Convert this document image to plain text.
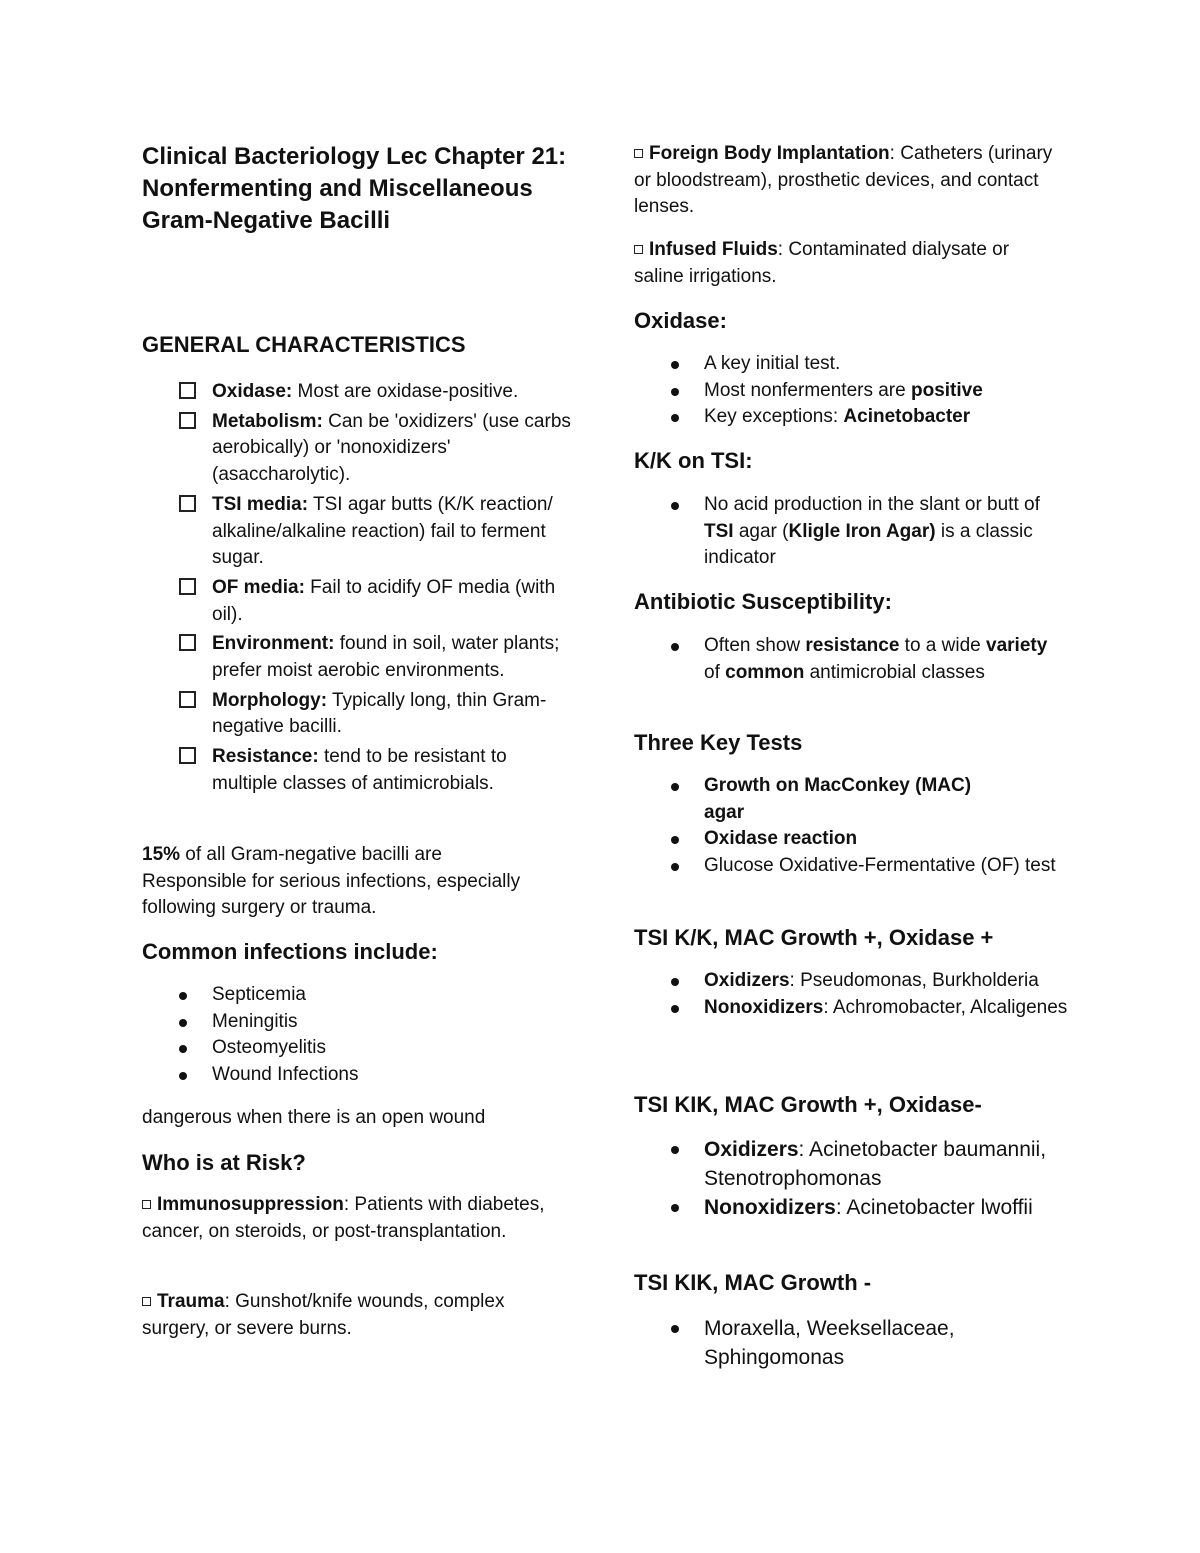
Clinical Bacteriology Lec Chapter 21: Nonfermenting and Miscellaneous Gram-Negative Bacilli
GENERAL CHARACTERISTICS
Oxidase: Most are oxidase-positive.
Metabolism: Can be 'oxidizers' (use carbs aerobically) or 'nonoxidizers' (asaccharolytic).
TSI media: TSI agar butts (K/K reaction/ alkaline/alkaline reaction) fail to ferment sugar.
OF media: Fail to acidify OF media (with oil).
Environment: found in soil, water plants; prefer moist aerobic environments.
Morphology: Typically long, thin Gram-negative bacilli.
Resistance: tend to be resistant to multiple classes of antimicrobials.

15% of all Gram-negative bacilli are Responsible for serious infections, especially following surgery or trauma.

Common infections include:
Septicemia
Meningitis
Osteomyelitis
Wound Infections

dangerous when there is an open wound

Who is at Risk?

Immunosuppression: Patients with diabetes, cancer, on steroids, or post-transplantation.

Trauma: Gunshot/knife wounds, complex surgery, or severe burns.

Foreign Body Implantation: Catheters (urinary or bloodstream), prosthetic devices, and contact lenses.

Infused Fluids: Contaminated dialysate or saline irrigations.

Oxidase:
A key initial test.
Most nonfermenters are positive
Key exceptions: Acinetobacter
K/K on TSI:
No acid production in the slant or butt of TSI agar (Kligle Iron Agar) is a classic indicator
Antibiotic Susceptibility:
Often show resistance to a wide variety of common antimicrobial classes
Three Key Tests
Growth on MacConkey (MAC) agar
Oxidase reaction
Glucose Oxidative-Fermentative (OF) test
TSI K/K, MAC Growth +, Oxidase +
Oxidizers: Pseudomonas, Burkholderia
Nonoxidizers: Achromobacter, Alcaligenes
TSI KIK, MAC Growth +, Oxidase-
Oxidizers: Acinetobacter baumannii, Stenotrophomonas
Nonoxidizers: Acinetobacter lwoffii
TSI KIK, MAC Growth -
Moraxella, Weeksellaceae, Sphingomonas
